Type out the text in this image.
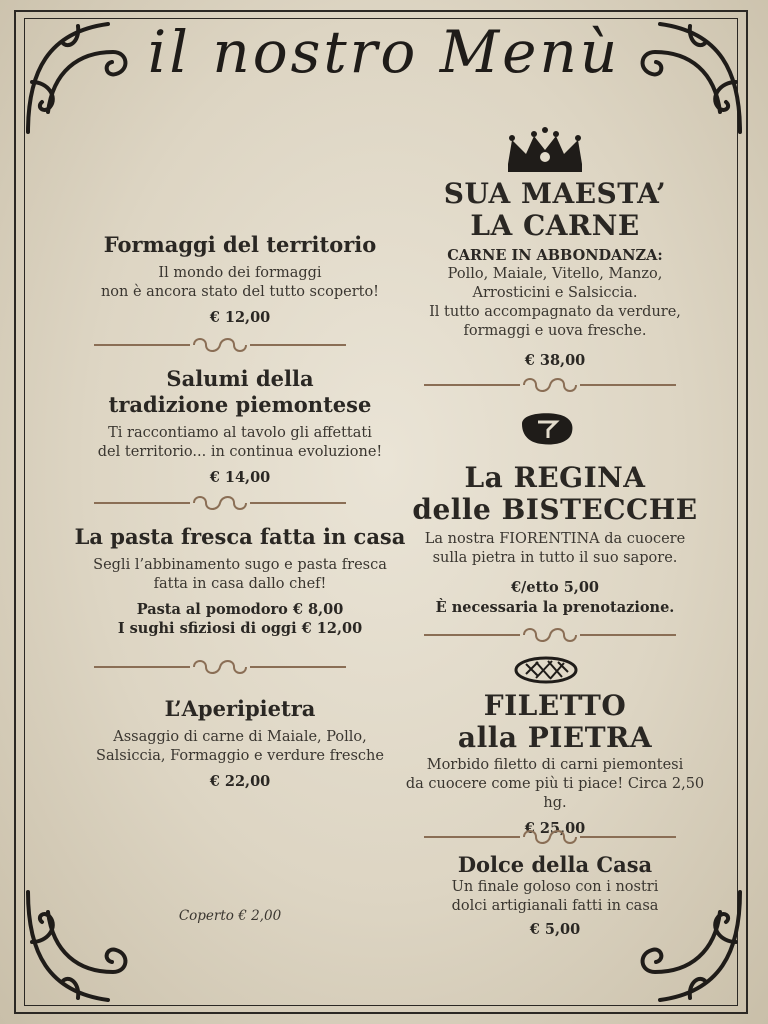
il nostro Menù
Formaggi del territorio
Il mondo dei formaggi
non è ancora stato del tutto scoperto!
€ 12,00
Salumi della
tradizione piemontese
Ti raccontiamo al tavolo gli affettati
del territorio... in continua evoluzione!
€ 14,00
La pasta fresca fatta in casa
Segli l’abbinamento sugo e pasta fresca
fatta in casa dallo chef!
Pasta al pomodoro € 8,00
I sughi sfiziosi di oggi € 12,00
L’Aperipietra
Assaggio di carne di Maiale, Pollo,
Salsiccia, Formaggio e verdure fresche
€ 22,00
Coperto € 2,00
SUA MAESTA’
LA CARNE
CARNE IN ABBONDANZA:
Pollo, Maiale, Vitello, Manzo,
Arrosticini e Salsiccia.
Il tutto accompagnato da verdure,
formaggi e uova fresche.
€ 38,00
La REGINA
delle BISTECCHE
La nostra FIORENTINA da cuocere
sulla pietra in tutto il suo sapore.
€/etto 5,00
È necessaria la prenotazione.
FILETTO
alla PIETRA
Morbido filetto di carni piemontesi
da cuocere come più ti piace! Circa 2,50 hg.
€ 25,00
Dolce della Casa
Un finale goloso con i nostri
dolci artigianali fatti in casa
€ 5,00
